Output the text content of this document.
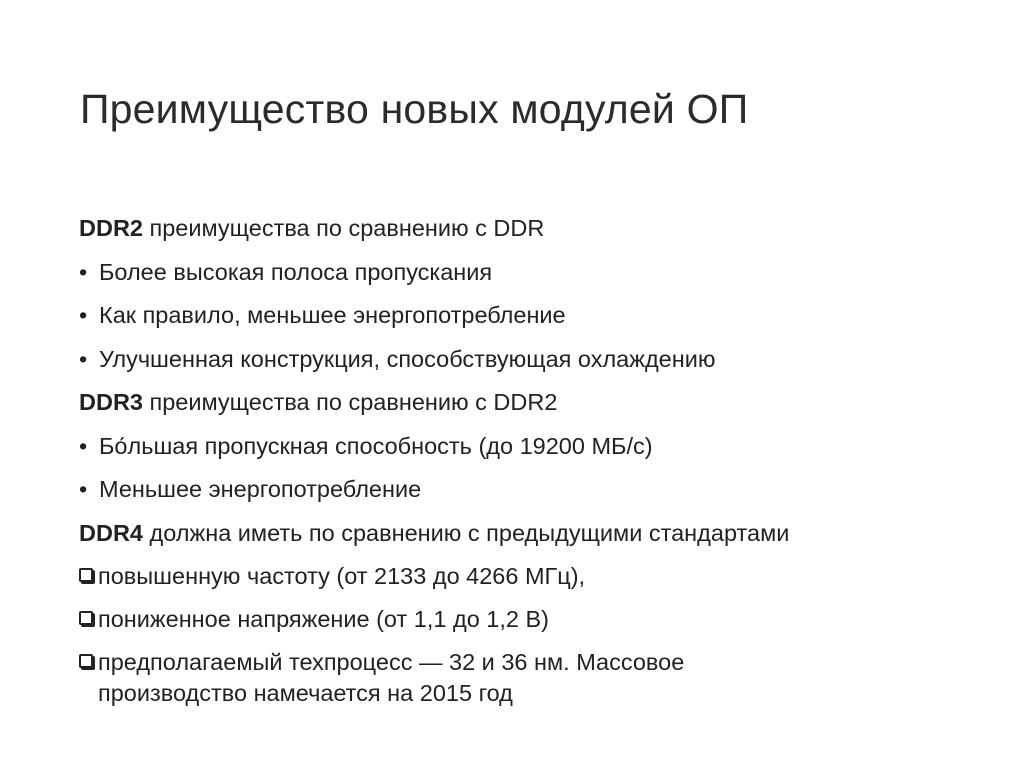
Преимущество новых модулей ОП
DDR2 преимущества по сравнению с DDR
• Более высокая полоса пропускания
• Как правило, меньшее энергопотребление
• Улучшенная конструкция, способствующая охлаждению
DDR3 преимущества по сравнению с DDR2
• Бо́льшая пропускная способность (до 19200 МБ/с)
• Меньшее энергопотребление
DDR4 должна иметь по сравнению с предыдущими стандартами
повышенную частоту (от 2133 до 4266 МГц),
пониженное напряжение (от 1,1 до 1,2 В)
предполагаемый техпроцесс — 32 и 36 нм. Массовое производство намечается на 2015 год
